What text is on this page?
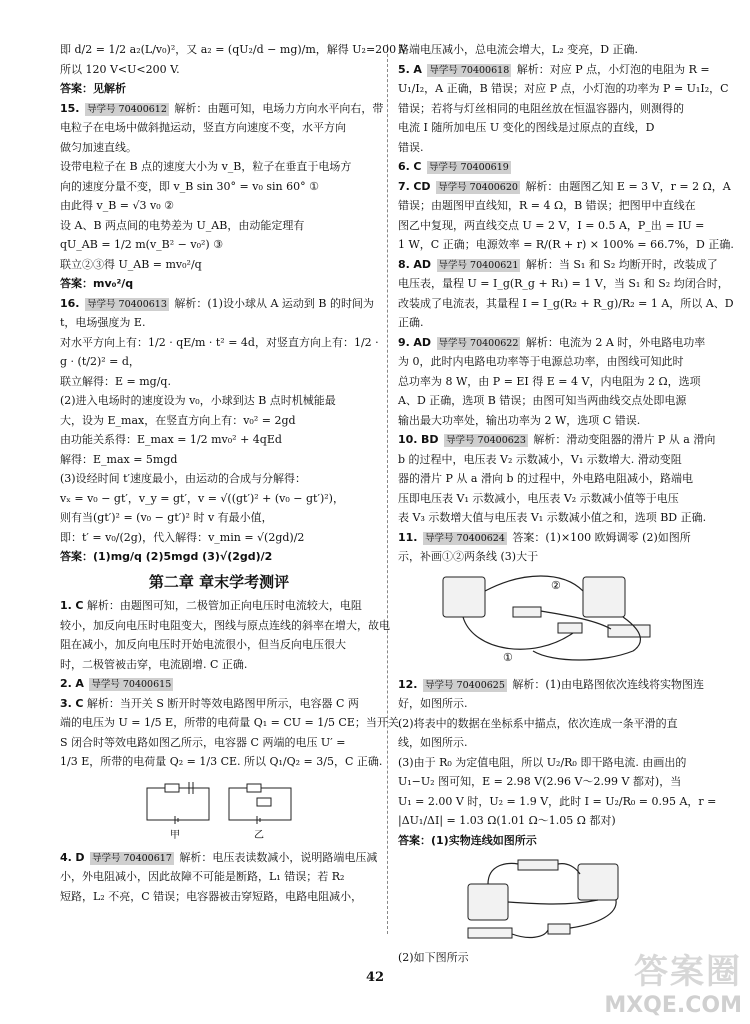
即 d/2 = 1/2 a₂(L/v₀)²，又 a₂ = (qU₂/d − mg)/m，解得 U₂=200 V
所以 120 V<U<200 V.
答案：见解析
15. 导学号 70400612 解析：由题可知，电场力方向水平向右，带
电粒子在电场中做斜抛运动，竖直方向速度不变，水平方向
做匀加速直线。
设带电粒子在 B 点的速度大小为 v_B，粒子在垂直于电场方
向的速度分量不变，即 v_B sin 30° = v₀ sin 60° ①
由此得 v_B = √3 v₀ ②
设 A、B 两点间的电势差为 U_AB，由动能定理有
qU_AB = 1/2 m(v_B² − v₀²) ③
联立②③得 U_AB = mv₀²/q
答案：mv₀²/q
16. 导学号 70400613 解析：(1)设小球从 A 运动到 B 的时间为
t，电场强度为 E.
对水平方向上有：1/2 · qE/m · t² = 4d，对竖直方向上有：1/2 ·
g · (t/2)² = d，
联立解得：E = mg/q.
(2)进入电场时的速度设为 v₀，小球到达 B 点时机械能最
大，设为 E_max，在竖直方向上有：v₀² = 2gd
由功能关系得：E_max = 1/2 mv₀² + 4qEd
解得：E_max = 5mgd
(3)设经时间 t′速度最小，由运动的合成与分解得：
vₓ = v₀ − gt′，v_y = gt′，v = √((gt′)² + (v₀ − gt′)²)，
则有当(gt′)² = (v₀ − gt′)² 时 v 有最小值，
即：t′ = v₀/(2g)，代入解得：v_min = √(2gd)/2
答案：(1)mg/q (2)5mgd (3)√(2gd)/2
第二章 章末学考测评
1. C 解析：由题图可知，二极管加正向电压时电流较大，电阻
较小，加反向电压时电阻变大，图线与原点连线的斜率在增大，故电
阻在减小，加反向电压时开始电流很小，但当反向电压很大
时，二极管被击穿，电流剧增. C 正确.
2. A 导学号 70400615
3. C 解析：当开关 S 断开时等效电路图甲所示，电容器 C 两
端的电压为 U = 1/5 E，所带的电荷量 Q₁ = CU = 1/5 CE；当开关
S 闭合时等效电路如图乙所示，电容器 C 两端的电压 U′ =
1/3 E，所带的电荷量 Q₂ = 1/3 CE. 所以 Q₁/Q₂ = 3/5，C 正确.
甲	乙
4. D 导学号 70400617 解析：电压表读数减小，说明路端电压减
小，外电阻减小，因此故障不可能是断路，L₁ 错误；若 R₂
短路，L₂ 不亮，C 错误；电容器被击穿短路，电路电阻减小，
路端电压减小，总电流会增大，L₂ 变亮，D 正确.
5. A 导学号 70400618 解析：对应 P 点，小灯泡的电阻为 R =
U₁/I₂，A 正确，B 错误；对应 P 点，小灯泡的功率为 P = U₁I₂，C
错误；若将与灯丝相同的电阻丝放在恒温容器内，则测得的
电流 I 随所加电压 U 变化的图线是过原点的直线，D
错误.
6. C 导学号 70400619
7. CD 导学号 70400620 解析：由题图乙知 E = 3 V，r = 2 Ω，A
错误；由题图甲直线知，R = 4 Ω，B 错误；把图甲中直线在
图乙中复现，两直线交点 U = 2 V，I = 0.5 A，P_出 = IU =
1 W，C 正确；电源效率 = R/(R + r) × 100% = 66.7%，D 正确.
8. AD 导学号 70400621 解析：当 S₁ 和 S₂ 均断开时，改装成了
电压表，量程 U = I_g(R_g + R₁) = 1 V，当 S₁ 和 S₂ 均闭合时，
改装成了电流表，其量程 I = I_g(R₂ + R_g)/R₂ = 1 A，所以 A、D
正确.
9. AD 导学号 70400622 解析：电流为 2 A 时，外电路电功率
为 0，此时内电路电功率等于电源总功率，由图线可知此时
总功率为 8 W，由 P = EI 得 E = 4 V，内电阻为 2 Ω，选项
A、D 正确，选项 B 错误；由图可知当两曲线交点处即电源
输出最大功率处，输出功率为 2 W，选项 C 错误.
10. BD 导学号 70400623 解析：滑动变阻器的滑片 P 从 a 滑向
b 的过程中，电压表 V₂ 示数减小，V₁ 示数增大. 滑动变阻
器的滑片 P 从 a 滑向 b 的过程中，外电路电阻减小，路端电
压即电压表 V₁ 示数减小，电压表 V₂ 示数减小值等于电压
表 V₃ 示数增大值与电压表 V₁ 示数减小值之和，选项 BD 正确.
11. 导学号 70400624 答案：(1)×100 欧姆调零 (2)如图所
示，补画①②两条线 (3)大于
②
①
12. 导学号 70400625 解析：(1)由电路图依次连线将实物图连
好，如图所示.
(2)将表中的数据在坐标系中描点，依次连成一条平滑的直
线，如图所示.
(3)由于 R₀ 为定值电阻，所以 U₂/R₀ 即干路电流. 由画出的
U₁−U₂ 图可知，E = 2.98 V(2.96 V～2.99 V 都对)，当
U₁ = 2.00 V 时，U₂ = 1.9 V，此时 I = U₂/R₀ = 0.95 A，r =
|ΔU₁/ΔI| = 1.03 Ω(1.01 Ω～1.05 Ω 都对)
答案：(1)实物连线如图所示
(2)如下图所示
42	答案圈
MXQE.COM
